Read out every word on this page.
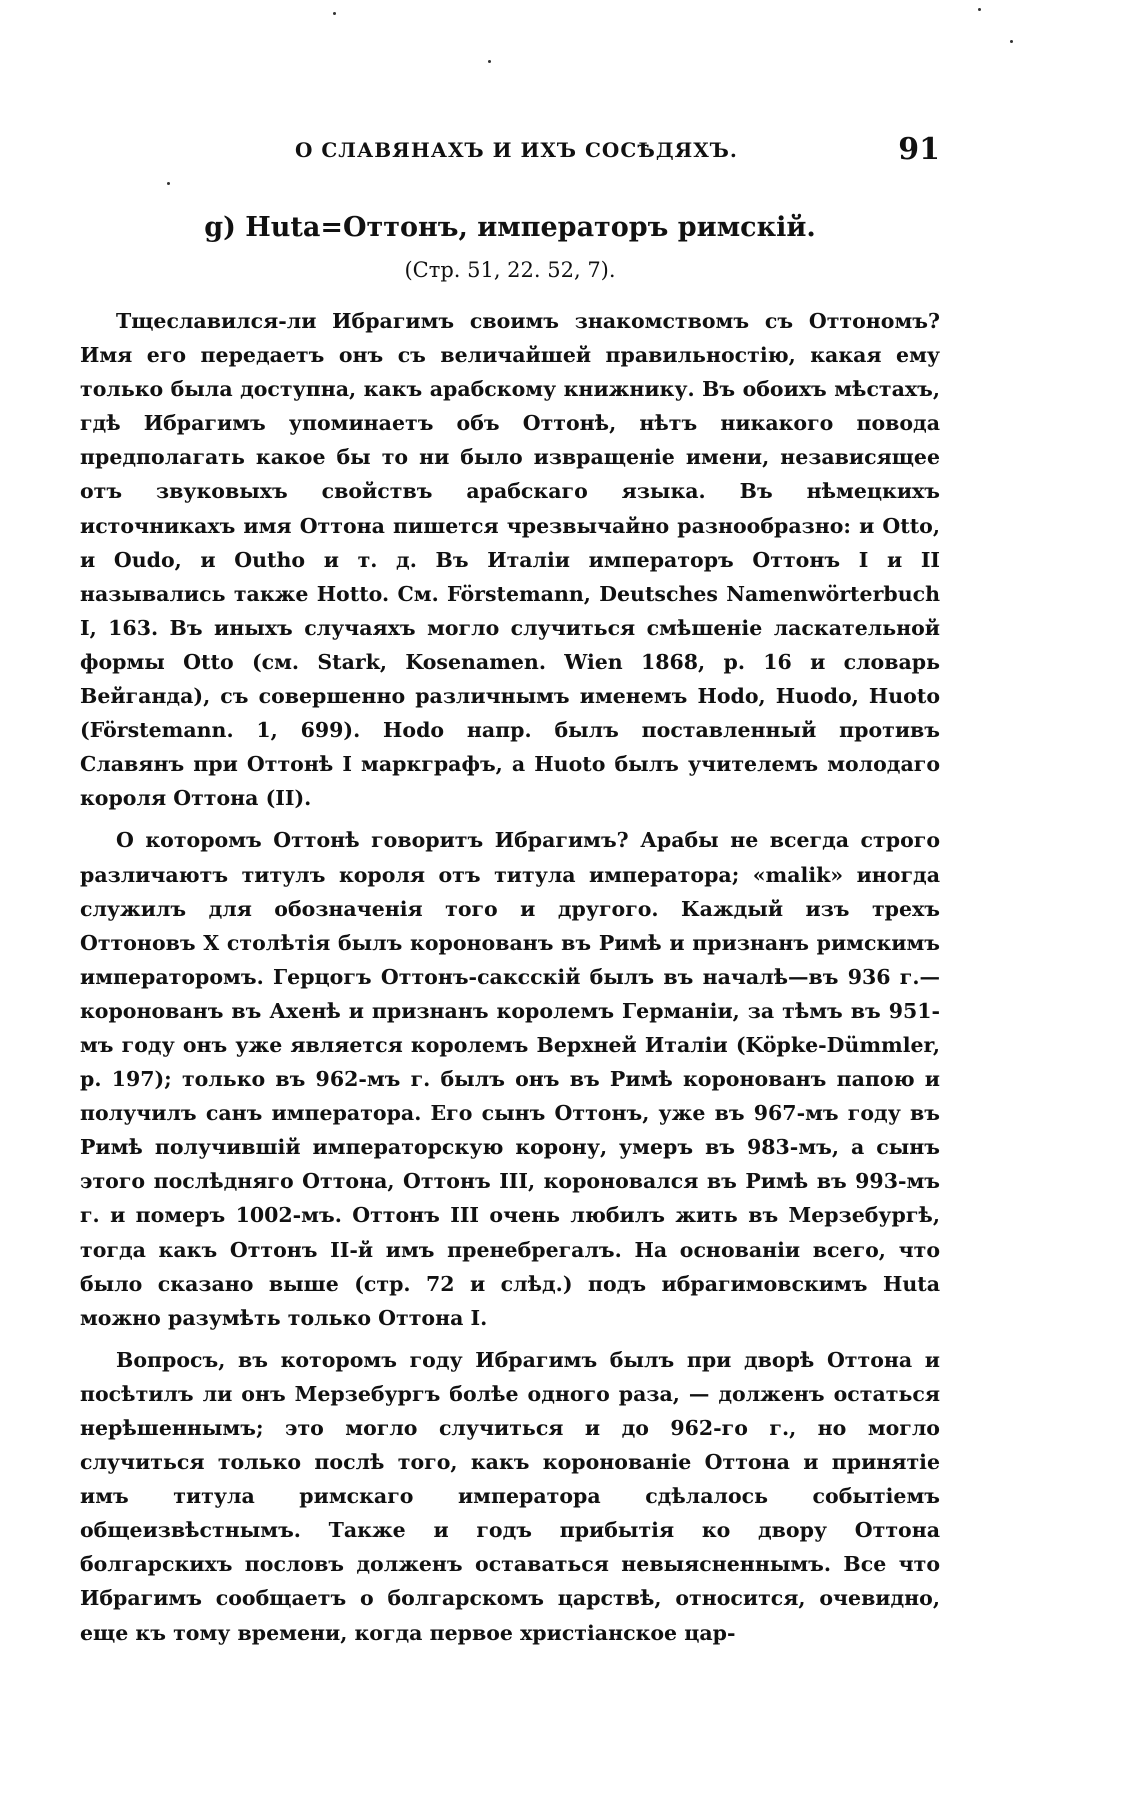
О СЛАВЯНАХЪ И ИХЪ СОСѢДЯХЪ.	91
g) Huta=Оттонъ, императоръ римскій.
(Стр. 51, 22. 52, 7).

Тщеславился-ли Ибрагимъ своимъ знакомствомъ съ Оттономъ? Имя его передаетъ онъ съ величайшей правильностію, какая ему только была доступна, какъ арабскому книжнику. Въ обоихъ мѣстахъ, гдѣ Ибрагимъ упоминаетъ объ Оттонѣ, нѣтъ никакого повода предполагать какое бы то ни было извращеніе имени, независящее отъ звуковыхъ свойствъ арабскаго языка. Въ нѣмецкихъ источникахъ имя Оттона пишется чрезвычайно разнообразно: и Otto, и Oudo, и Outho и т. д. Въ Италіи императоръ Оттонъ I и II назывались также Hotto. См. Förstemann, Deutsches Namenwörterbuch I, 163. Въ иныхъ случаяхъ могло случиться смѣшеніе ласкательной формы Otto (см. Stark, Kosenamen. Wien 1868, p. 16 и словарь Вейганда), съ совершенно различнымъ именемъ Hodo, Huodo, Huoto (Förstemann. 1, 699). Hodo напр. былъ поставленный противъ Славянъ при Оттонѣ I маркграфъ, а Huoto былъ учителемъ молодаго короля Оттона (II).

О которомъ Оттонѣ говоритъ Ибрагимъ? Арабы не всегда строго различаютъ титулъ короля отъ титула императора; «malik» иногда служилъ для обозначенія того и другого. Каждый изъ трехъ Оттоновъ X столѣтія былъ коронованъ въ Римѣ и признанъ римскимъ императоромъ. Герцогъ Оттонъ-саксскій былъ въ началѣ—въ 936 г.— коронованъ въ Ахенѣ и признанъ королемъ Германіи, за тѣмъ въ 951-мъ году онъ уже является королемъ Верхней Италіи (Köpke-Dümmler, p. 197); только въ 962-мъ г. былъ онъ въ Римѣ коронованъ папою и получилъ санъ императора. Его сынъ Оттонъ, уже въ 967-мъ году въ Римѣ получившій императорскую корону, умеръ въ 983-мъ, а сынъ этого послѣдняго Оттона, Оттонъ III, короновался въ Римѣ въ 993-мъ г. и померъ 1002-мъ. Оттонъ III очень любилъ жить въ Мерзебургѣ, тогда какъ Оттонъ II-й имъ пренебрегалъ. На основаніи всего, что было сказано выше (стр. 72 и слѣд.) подъ ибрагимовскимъ Huta можно разумѣть только Оттона I.

Вопросъ, въ которомъ году Ибрагимъ былъ при дворѣ Оттона и посѣтилъ ли онъ Мерзебургъ болѣе одного раза, — долженъ остаться нерѣшеннымъ; это могло случиться и до 962-го г., но могло случиться только послѣ того, какъ коронованіе Оттона и принятіе имъ титула римскаго императора сдѣлалось событіемъ общеизвѣстнымъ. Также и годъ прибытія ко двору Оттона болгарскихъ пословъ долженъ оставаться невыясненнымъ. Все что Ибрагимъ сообщаетъ о болгарскомъ царствѣ, относится, очевидно, еще къ тому времени, когда первое христіанское цар-
